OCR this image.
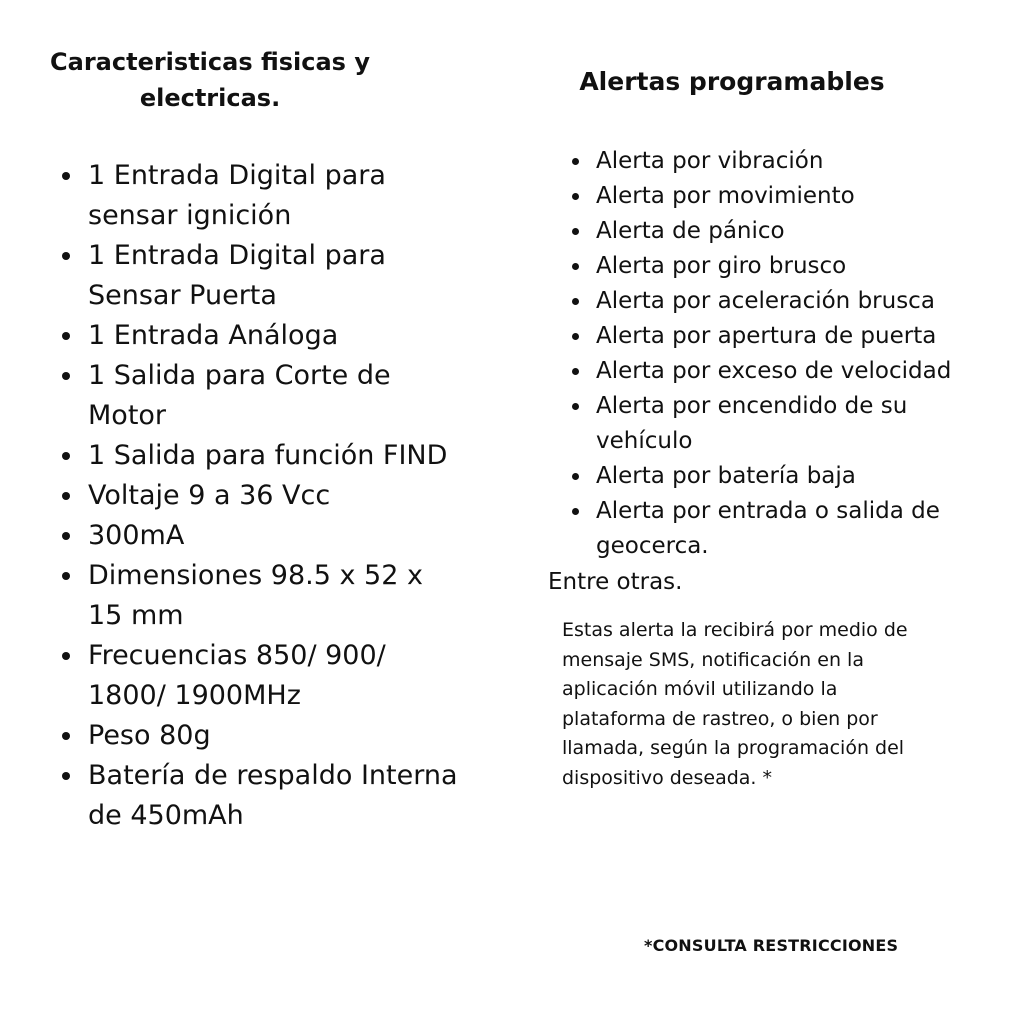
Caracteristicas fisicas y electricas.
1 Entrada Digital para sensar ignición
1 Entrada Digital para Sensar Puerta
1 Entrada Análoga
1 Salida para Corte de Motor
1 Salida para función FIND
Voltaje 9 a 36 Vcc
300mA
Dimensiones 98.5 x 52 x 15 mm
Frecuencias 850/ 900/ 1800/ 1900MHz
Peso 80g
Batería de respaldo Interna de 450mAh
Alertas programables
Alerta por vibración
Alerta por movimiento
Alerta de pánico
Alerta por giro brusco
Alerta por aceleración brusca
Alerta por apertura de puerta
Alerta por exceso de velocidad
Alerta por encendido de su vehículo
Alerta por batería baja
Alerta por entrada o salida de geocerca.

Entre otras.

Estas alerta la recibirá por medio de mensaje SMS, notificación en la aplicación móvil utilizando la plataforma de rastreo, o bien por llamada, según la programación del dispositivo deseada. *

*CONSULTA RESTRICCIONES
